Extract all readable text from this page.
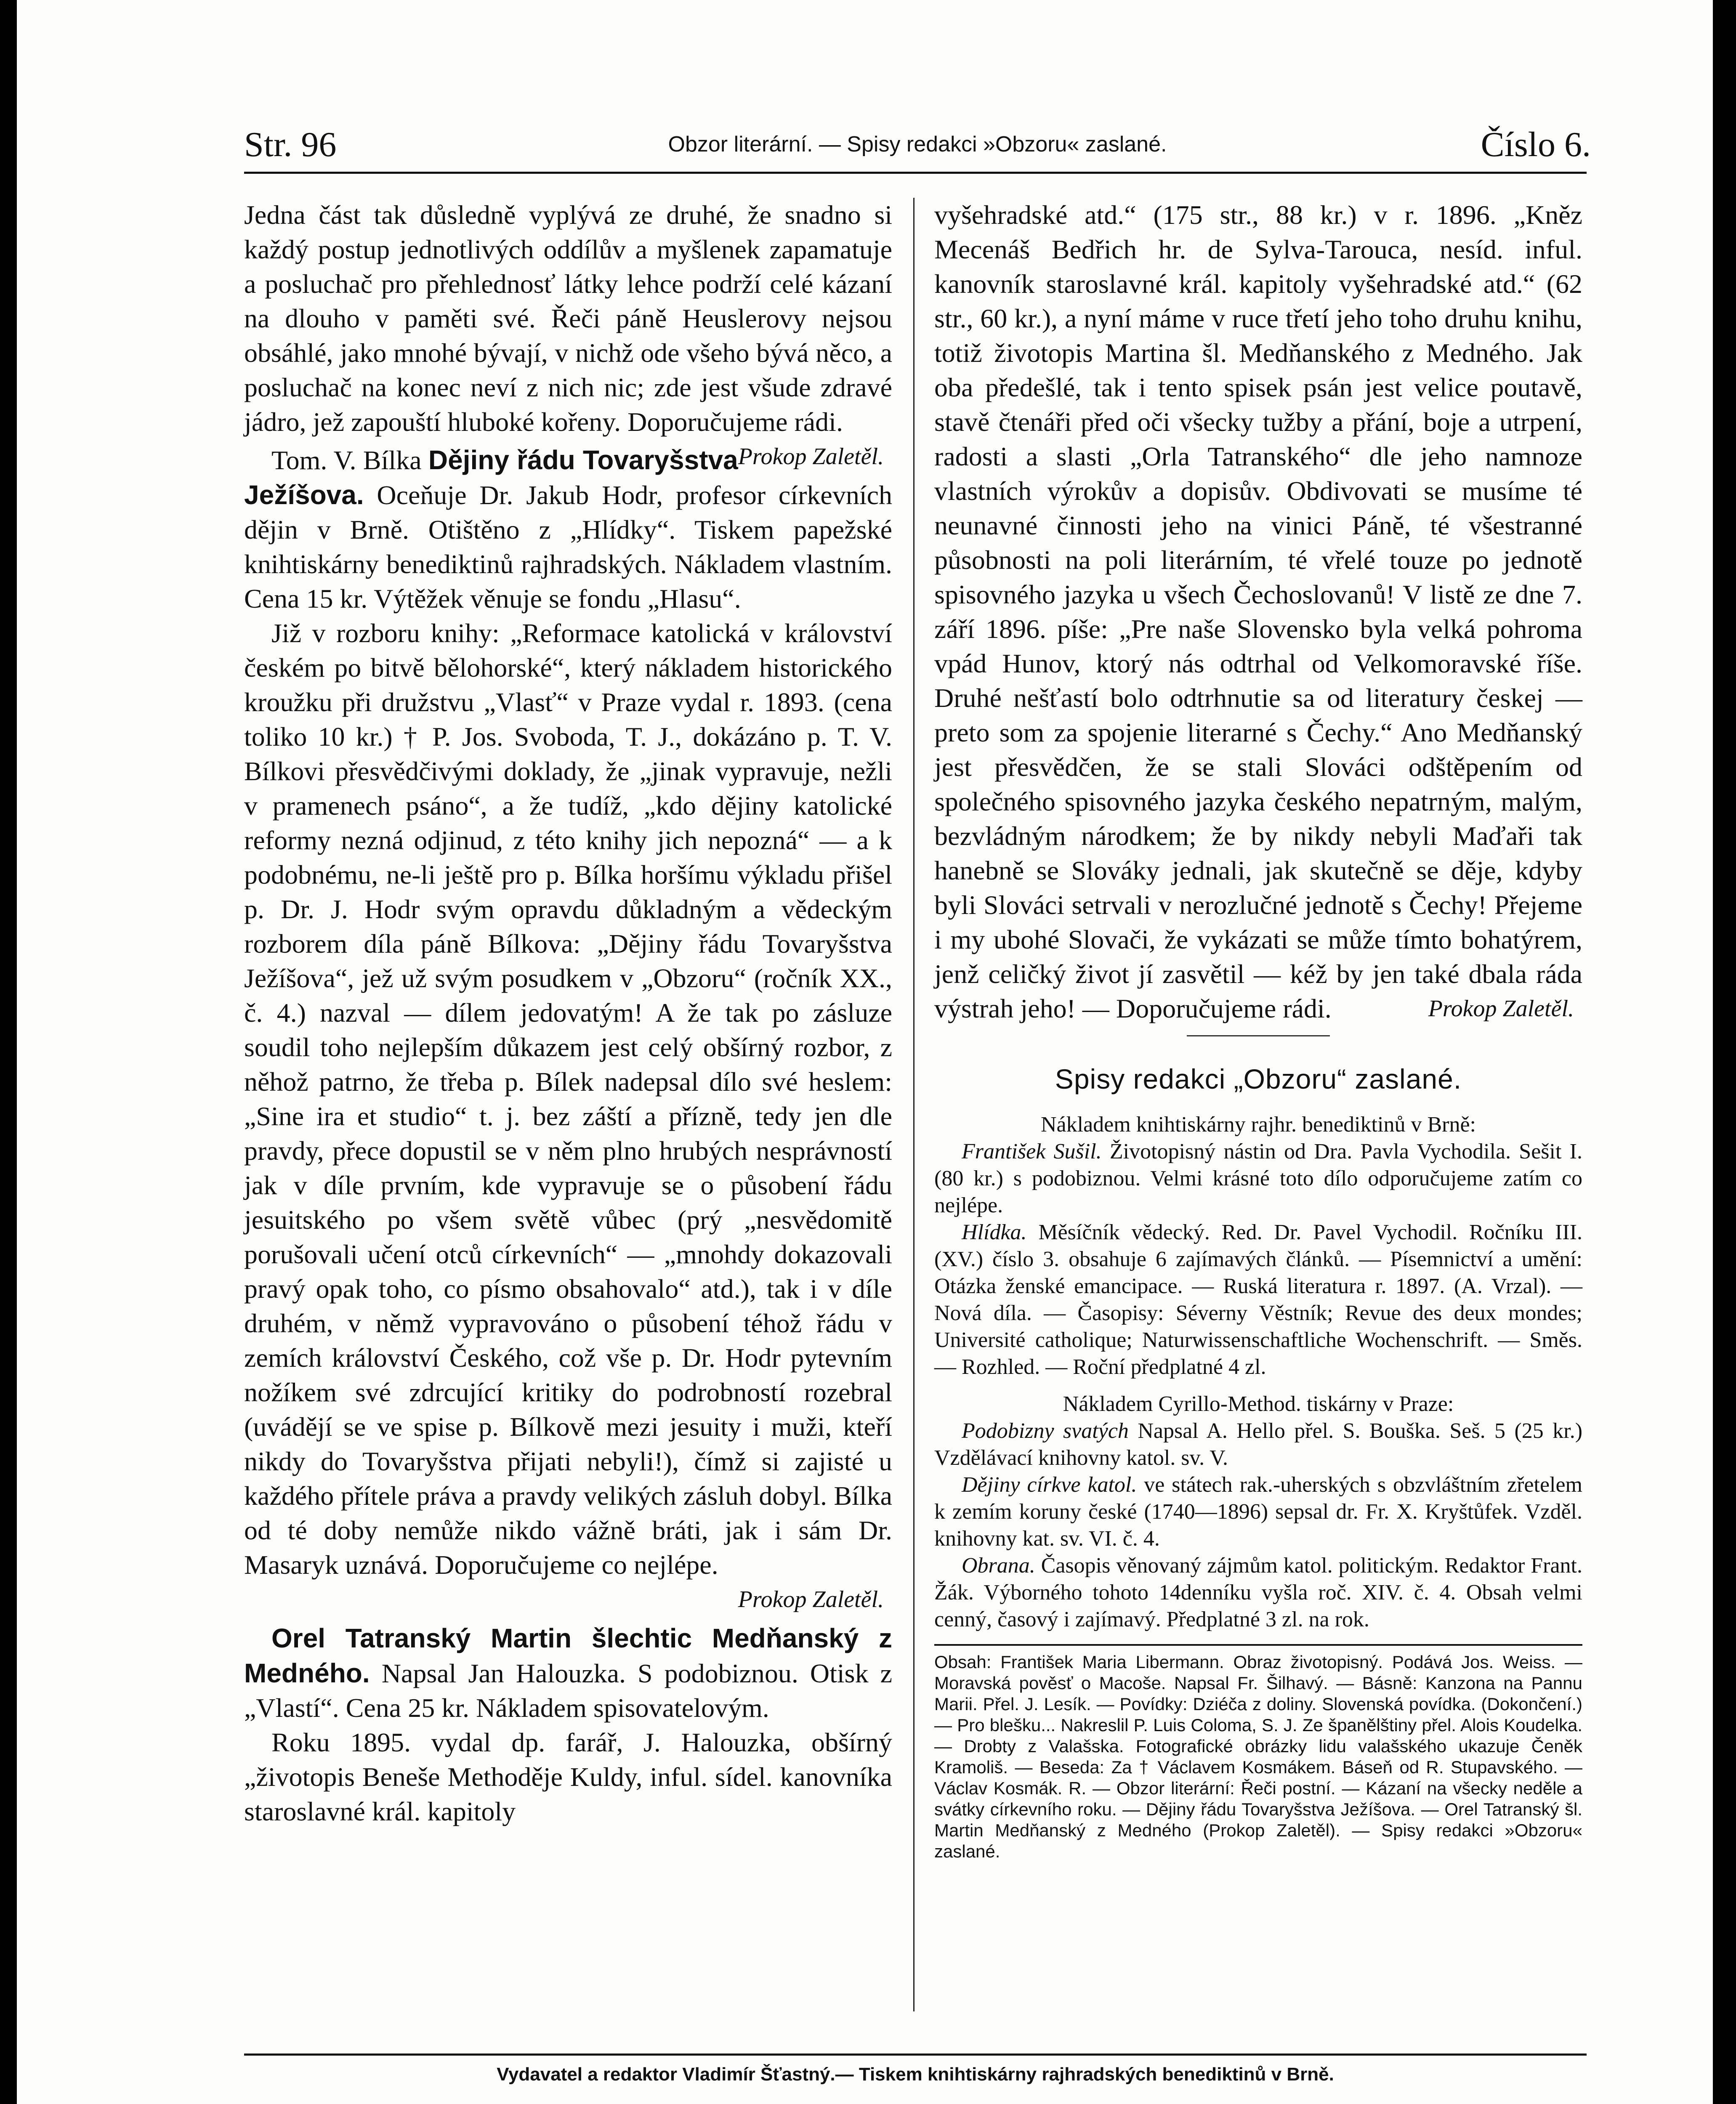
Str. 96	Obzor literární. — Spisy redakci »Obzoru« zaslané.	Číslo 6.

Jedna část tak důsledně vyplývá ze druhé, že snadno si každý postup jednotlivých oddílův a myšlenek zapamatuje a posluchač pro přehlednosť látky lehce podrží celé kázaní na dlouho v paměti své. Řeči páně Heuslerovy nejsou obsáhlé, jako mnohé bývají, v nichž ode všeho bývá něco, a posluchač na konec neví z nich nic; zde jest všude zdravé jádro, jež zapouští hluboké kořeny. Doporučujeme rádi.
Prokop Zaletěl.

Tom. V. Bílka Dějiny řádu Tovaryšstva Ježíšova. Oceňuje Dr. Jakub Hodr, profesor církevních dějin v Brně. Otištěno z „Hlídky“. Tiskem papežské knihtiskárny benediktinů rajhradských. Nákladem vlastním. Cena 15 kr. Výtěžek věnuje se fondu „Hlasu“.

Již v rozboru knihy: „Reformace katolická v království českém po bitvě bělohorské“, který nákladem historického kroužku při družstvu „Vlasť“ v Praze vydal r. 1893. (cena toliko 10 kr.) † P. Jos. Svoboda, T. J., dokázáno p. T. V. Bílkovi přesvědčivými doklady, že „jinak vypravuje, nežli v pramenech psáno“, a že tudíž, „kdo dějiny katolické reformy nezná odjinud, z této knihy jich nepozná“ — a k podobnému, ne-li ještě pro p. Bílka horšímu výkladu přišel p. Dr. J. Hodr svým opravdu důkladným a vědeckým rozborem díla páně Bílkova: „Dějiny řádu Tovaryšstva Ježíšova“, jež už svým posudkem v „Obzoru“ (ročník XX., č. 4.) nazval — dílem jedovatým! A že tak po zásluze soudil toho nejlepším důkazem jest celý obšírný rozbor, z něhož patrno, že třeba p. Bílek nadepsal dílo své heslem: „Sine ira et studio“ t. j. bez záští a přízně, tedy jen dle pravdy, přece dopustil se v něm plno hrubých nesprávností jak v díle prvním, kde vypravuje se o působení řádu jesuitského po všem světě vůbec (prý „nesvědomitě porušovali učení otců církevních“ — „mnohdy dokazovali pravý opak toho, co písmo obsahovalo“ atd.), tak i v díle druhém, v němž vypravováno o působení téhož řádu v zemích království Českého, což vše p. Dr. Hodr pytevním nožíkem své zdrcující kritiky do podrobností rozebral (uvádějí se ve spise p. Bílkově mezi jesuity i muži, kteří nikdy do Tovaryšstva přijati nebyli!), čímž si zajisté u každého přítele práva a pravdy velikých zásluh dobyl. Bílka od té doby nemůže nikdo vážně bráti, jak i sám Dr. Masaryk uznává. Doporučujeme co nejlépe.

Prokop Zaletěl.

Orel Tatranský Martin šlechtic Medňanský z Medného. Napsal Jan Halouzka. S podobiznou. Otisk z „Vlastí“. Cena 25 kr. Nákladem spisovatelovým.

Roku 1895. vydal dp. farář, J. Halouzka, obšírný „životopis Beneše Methoděje Kuldy, inful. sídel. kanovníka staroslavné král. kapitoly

vyšehradské atd.“ (175 str., 88 kr.) v r. 1896. „Kněz Mecenáš Bedřich hr. de Sylva-Tarouca, nesíd. inful. kanovník staroslavné král. kapitoly vyšehradské atd.“ (62 str., 60 kr.), a nyní máme v ruce třetí jeho toho druhu knihu, totiž životopis Martina šl. Medňanského z Medného. Jak oba předešlé, tak i tento spisek psán jest velice poutavě, stavě čtenáři před oči všecky tužby a přání, boje a utrpení, radosti a slasti „Orla Tatranského“ dle jeho namnoze vlastních výrokův a dopisův. Obdivovati se musíme té neunavné činnosti jeho na vinici Páně, té všestranné působnosti na poli literárním, té vřelé touze po jednotě spisovného jazyka u všech Čechoslovanů! V listě ze dne 7. září 1896. píše: „Pre naše Slovensko byla velká pohroma vpád Hunov, ktorý nás odtrhal od Velkomoravské říše. Druhé nešťastí bolo odtrhnutie sa od literatury českej — preto som za spojenie literarné s Čechy.“ Ano Medňanský jest přesvědčen, že se stali Slováci odštěpením od společného spisovného jazyka českého nepatrným, malým, bezvládným národkem; že by nikdy nebyli Maďaři tak hanebně se Slováky jednali, jak skutečně se děje, kdyby byli Slováci setrvali v nerozlučné jednotě s Čechy! Přejeme i my ubohé Slovači, že vykázati se může tímto bohatýrem, jenž celičký život jí zasvětil — kéž by jen také dbala ráda výstrah jeho! — Doporučujeme rádi.	Prokop Zaletěl.

Spisy redakci „Obzoru“ zaslané.

Nákladem knihtiskárny rajhr. benediktinů v Brně:

František Sušil. Životopisný nástin od Dra. Pavla Vychodila. Sešit I. (80 kr.) s podobiznou. Velmi krásné toto dílo odporučujeme zatím co nejlépe.

Hlídka. Měsíčník vědecký. Red. Dr. Pavel Vychodil. Ročníku III. (XV.) číslo 3. obsahuje 6 zajímavých článků. — Písemnictví a umění: Otázka ženské emancipace. — Ruská literatura r. 1897. (A. Vrzal). — Nová díla. — Časopisy: Séverny Věstník; Revue des deux mondes; Université catholique; Naturwissenschaftliche Wochenschrift. — Směs. — Rozhled. — Roční předplatné 4 zl.

Nákladem Cyrillo-Method. tiskárny v Praze:

Podobizny svatých Napsal A. Hello přel. S. Bouška. Seš. 5 (25 kr.) Vzdělávací knihovny katol. sv. V.

Dějiny církve katol. ve státech rak.-uherských s obzvláštním zřetelem k zemím koruny české (1740—1896) sepsal dr. Fr. X. Kryštůfek. Vzděl. knihovny kat. sv. VI. č. 4.

Obrana. Časopis věnovaný zájmům katol. politickým. Redaktor Frant. Žák. Výborného tohoto 14denníku vyšla roč. XIV. č. 4. Obsah velmi cenný, časový i zajímavý. Předplatné 3 zl. na rok.

Obsah: František Maria Libermann. Obraz životopisný. Podává Jos. Weiss. — Moravská pověsť o Macoše. Napsal Fr. Šilhavý. — Básně: Kanzona na Pannu Marii. Přel. J. Lesík. — Povídky: Dziéča z doliny. Slovenská povídka. (Dokončení.) — Pro blešku... Nakreslil P. Luis Coloma, S. J. Ze španělštiny přel. Alois Koudelka. — Drobty z Valašska. Fotografické obrázky lidu valašského ukazuje Čeněk Kramoliš. — Beseda: Za † Václavem Kosmákem. Báseň od R. Stupavského. — Václav Kosmák. R. — Obzor literární: Řeči postní. — Kázaní na všecky neděle a svátky církevního roku. — Dějiny řádu Tovaryšstva Ježíšova. — Orel Tatranský šl. Martin Medňanský z Medného (Prokop Zaletěl). — Spisy redakci »Obzoru« zaslané.
Vydavatel a redaktor Vladimír Šťastný.— Tiskem knihtiskárny rajhradských benediktinů v Brně.
